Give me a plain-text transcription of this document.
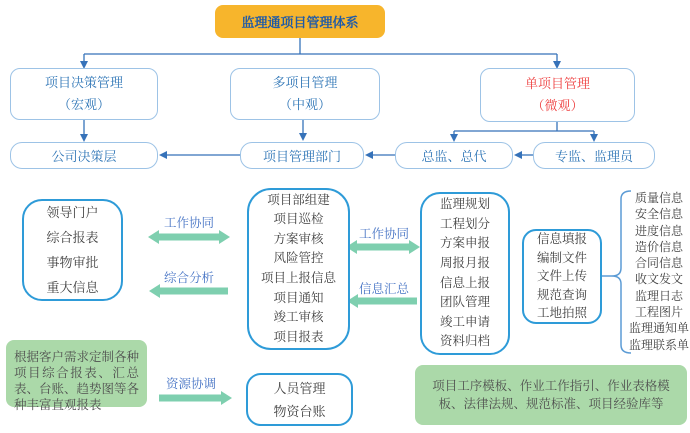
监理通项目管理体系
项目决策管理
（宏观）
多项目管理
（中观）
单项目管理
（微观）
公司决策层	项目管理部门	总监、总代	专监、监理员
领导门户
综合报表
事物审批
重大信息
项目部组建
项目巡检
方案审核
风险管控
项目上报信息
项目通知
竣工审核
项目报表
监理规划
工程划分
方案申报
周报月报
信息上报
团队管理
竣工申请
资料归档
信息填报
编制文件
文件上传
规范查询
工地拍照
质量信息
安全信息
进度信息
造价信息
合同信息
收文发文
监理日志
工程图片
监理通知单
监理联系单
工作协同
综合分析
工作协同
信息汇总
资源协调
根据客户需求定制各种项目综合报表、汇总表、台账、趋势图等各种丰富直观报表
人员管理
物资台账
项目工序模板、作业工作指引、作业表格模板、法律法规、规范标准、项目经验库等
